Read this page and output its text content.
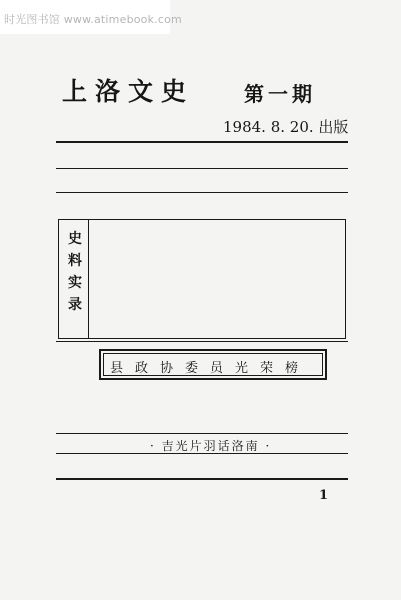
时光图书馆 www.atimebook.com
上洛文史 第一期
1984. 8. 20. 出版
史
料
实
录
县政协委员光荣榜
· 吉光片羽话洛南 ·
1
